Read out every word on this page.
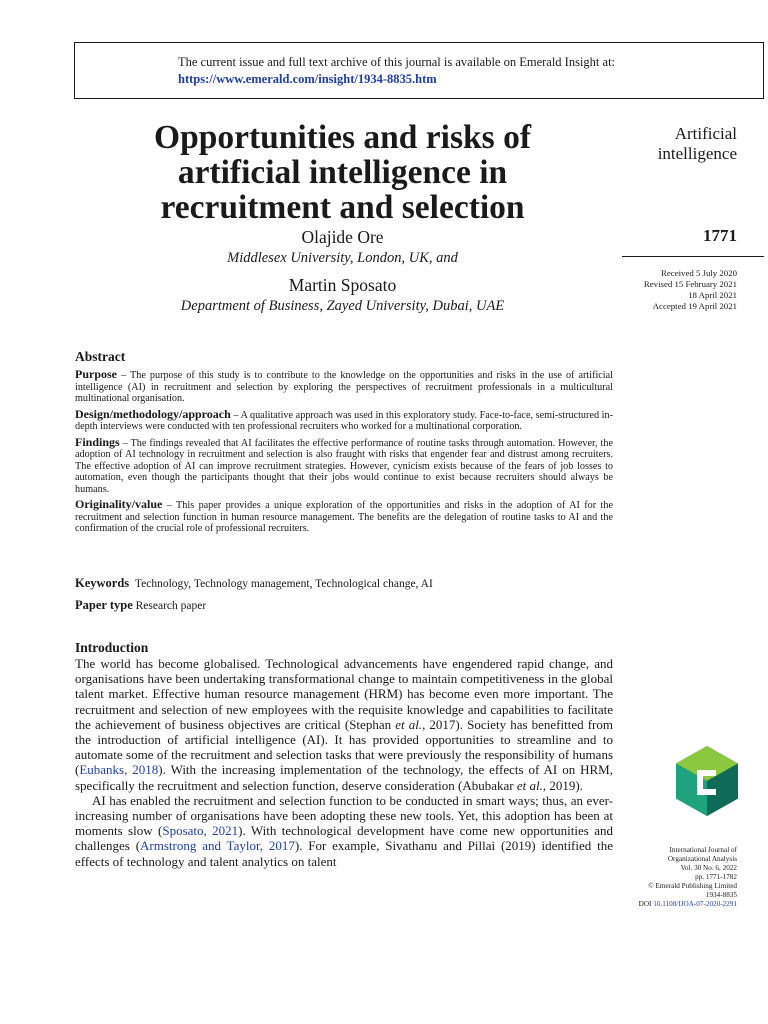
The current issue and full text archive of this journal is available on Emerald Insight at:
https://www.emerald.com/insight/1934-8835.htm
Opportunities and risks of
artificial intelligence in
recruitment and selection
Olajide Ore
Middlesex University, London, UK, and
Martin Sposato
Department of Business, Zayed University, Dubai, UAE
Artificial
intelligence
1771
Received 5 July 2020
Revised 15 February 2021
18 April 2021
Accepted 19 April 2021
Abstract

Purpose – The purpose of this study is to contribute to the knowledge on the opportunities and risks in the use of artificial intelligence (AI) in recruitment and selection by exploring the perspectives of recruitment professionals in a multicultural multinational organisation.

Design/methodology/approach – A qualitative approach was used in this exploratory study. Face-to-face, semi-structured in-depth interviews were conducted with ten professional recruiters who worked for a multinational corporation.

Findings – The findings revealed that AI facilitates the effective performance of routine tasks through automation. However, the adoption of AI technology in recruitment and selection is also fraught with risks that engender fear and distrust among recruiters. The effective adoption of AI can improve recruitment strategies. However, cynicism exists because of the fears of job losses to automation, even though the participants thought that their jobs would continue to exist because recruiters should always be humans.

Originality/value – This paper provides a unique exploration of the opportunities and risks in the adoption of AI for the recruitment and selection function in human resource management. The benefits are the delegation of routine tasks to AI and the confirmation of the crucial role of professional recruiters.

Keywords Technology, Technology management, Technological change, AI
Paper type Research paper
Introduction

The world has become globalised. Technological advancements have engendered rapid change, and organisations have been undertaking transformational change to maintain competitiveness in the global talent market. Effective human resource management (HRM) has become even more important. The recruitment and selection of new employees with the requisite knowledge and capabilities to facilitate the achievement of business objectives are critical (Stephan et al., 2017). Society has benefitted from the introduction of artificial intelligence (AI). It has provided opportunities to streamline and to automate some of the recruitment and selection tasks that were previously the responsibility of humans (Eubanks, 2018). With the increasing implementation of the technology, the effects of AI on HRM, specifically the recruitment and selection function, deserve consideration (Abubakar et al., 2019).

AI has enabled the recruitment and selection function to be conducted in smart ways; thus, an ever-increasing number of organisations have been adopting these new tools. Yet, this adoption has been at moments slow (Sposato, 2021). With technological development have come new opportunities and challenges (Armstrong and Taylor, 2017). For example, Sivathanu and Pillai (2019) identified the effects of technology and talent analytics on talent

International Journal of
Organizational Analysis
Vol. 30 No. 6, 2022
pp. 1771-1782
© Emerald Publishing Limited
1934-8835
DOI 10.1108/IJOA-07-2020-2291
